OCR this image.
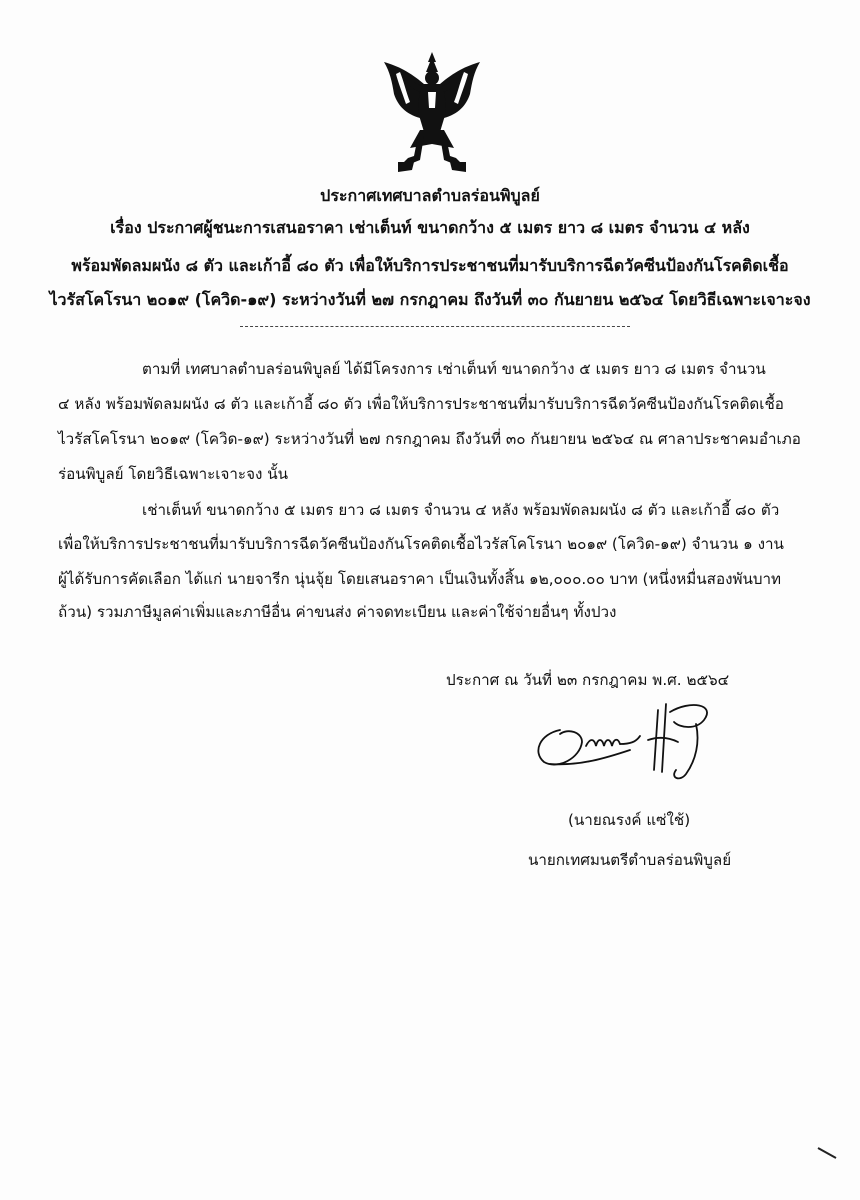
ประกาศเทศบาลตำบลร่อนพิบูลย์
เรื่อง ประกาศผู้ชนะการเสนอราคา เช่าเต็นท์ ขนาดกว้าง ๕ เมตร ยาว ๘ เมตร จำนวน ๔ หลัง
พร้อมพัดลมผนัง ๘ ตัว และเก้าอี้ ๘๐ ตัว เพื่อให้บริการประชาชนที่มารับบริการฉีดวัคซีนป้องกันโรคติดเชื้อ
ไวรัสโคโรนา ๒๐๑๙ (โควิด-๑๙) ระหว่างวันที่ ๒๗ กรกฎาคม ถึงวันที่ ๓๐ กันยายน ๒๕๖๔ โดยวิธีเฉพาะเจาะจง
ตามที่ เทศบาลตำบลร่อนพิบูลย์ ได้มีโครงการ เช่าเต็นท์ ขนาดกว้าง ๕ เมตร ยาว ๘ เมตร จำนวน
๔ หลัง พร้อมพัดลมผนัง ๘ ตัว และเก้าอี้ ๘๐ ตัว เพื่อให้บริการประชาชนที่มารับบริการฉีดวัคซีนป้องกันโรคติดเชื้อ
ไวรัสโคโรนา ๒๐๑๙ (โควิด-๑๙) ระหว่างวันที่ ๒๗ กรกฎาคม ถึงวันที่ ๓๐ กันยายน ๒๕๖๔ ณ ศาลาประชาคมอำเภอ
ร่อนพิบูลย์ โดยวิธีเฉพาะเจาะจง นั้น
เช่าเต็นท์ ขนาดกว้าง ๕ เมตร ยาว ๘ เมตร จำนวน ๔ หลัง พร้อมพัดลมผนัง ๘ ตัว และเก้าอี้ ๘๐ ตัว
เพื่อให้บริการประชาชนที่มารับบริการฉีดวัคซีนป้องกันโรคติดเชื้อไวรัสโคโรนา ๒๐๑๙ (โควิด-๑๙) จำนวน ๑ งาน
ผู้ได้รับการคัดเลือก ได้แก่ นายจารีก นุ่นจุ้ย โดยเสนอราคา เป็นเงินทั้งสิ้น ๑๒,๐๐๐.๐๐ บาท (หนึ่งหมื่นสองพันบาท
ถ้วน) รวมภาษีมูลค่าเพิ่มและภาษีอื่น ค่าขนส่ง ค่าจดทะเบียน และค่าใช้จ่ายอื่นๆ ทั้งปวง
ประกาศ ณ วันที่ ๒๓ กรกฎาคม พ.ศ. ๒๕๖๔
(นายณรงค์ แซ่ใช้)
นายกเทศมนตรีตำบลร่อนพิบูลย์
